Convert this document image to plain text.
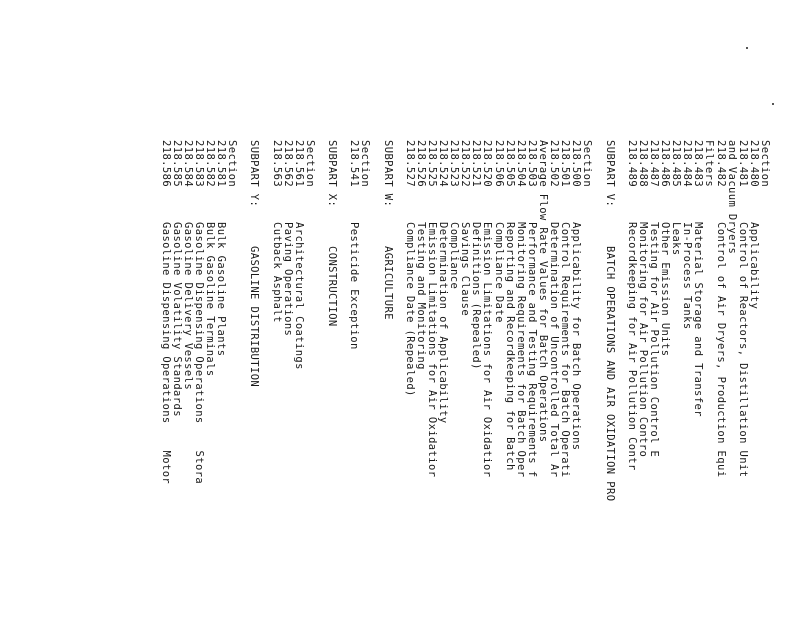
Section
218.480
Applicability
218.481
Control of Reactors, Distillation Unit
and Vacuum Dryers
218.482
Control of Air Dryers, Production Equi
Filters
218.483
Material Storage and Transfer
218.484
In-Process Tanks
218.485
Leaks
218.486
Other Emission Units
218.487
Testing for Air Pollution Control E
218.488
Monitoring for Air Pollution Contro
218.489
Recordkeeping for Air Pollution Contr
SUBPART V:
BATCH OPERATIONS AND AIR OXIDATION PRO
Section
218.500
Applicability for Batch Operations
218.501
Control Requirements for Batch Operati
218.502
Determination of Uncontrolled Total Ar
Average Flow Rate Values for Batch Operations
218.503
Performance and Testing Requirements f
218.504
Monitoring Requirements for Batch Oper
218.505
Reporting and Recordkeeping for Batch
218.506
Compliance Date
218.520
Emission Limitations for Air Oxidatior
218.521
Definitions (Repealed)
218.522
Savings Clause
218.523
Compliance
218.524
Determination of Applicability
218.525
Emission Limitations for Air Oxidatior
218.526
Testing and Monitoring
218.527
Compliance Date (Repealed)
SUBPART W:
AGRICULTURE
Section
218.541
Pesticide Exception
SUBPART X:
CONSTRUCTION
Section
218.561
Architectural Coatings
218.562
Paving Operations
218.563
Cutback Asphalt
SUBPART Y:
GASOLINE DISTRIBUTION
Section
218.581
Bulk Gasoline Plants
218.582
Bulk Gasoline Terminals
218.583
Gasoline Dispensing Operations    Stora
218.584
Gasoline Delivery Vessels
218.585
Gasoline Volatility Standards
218.586
Gasoline Dispensing Operations    Motor
